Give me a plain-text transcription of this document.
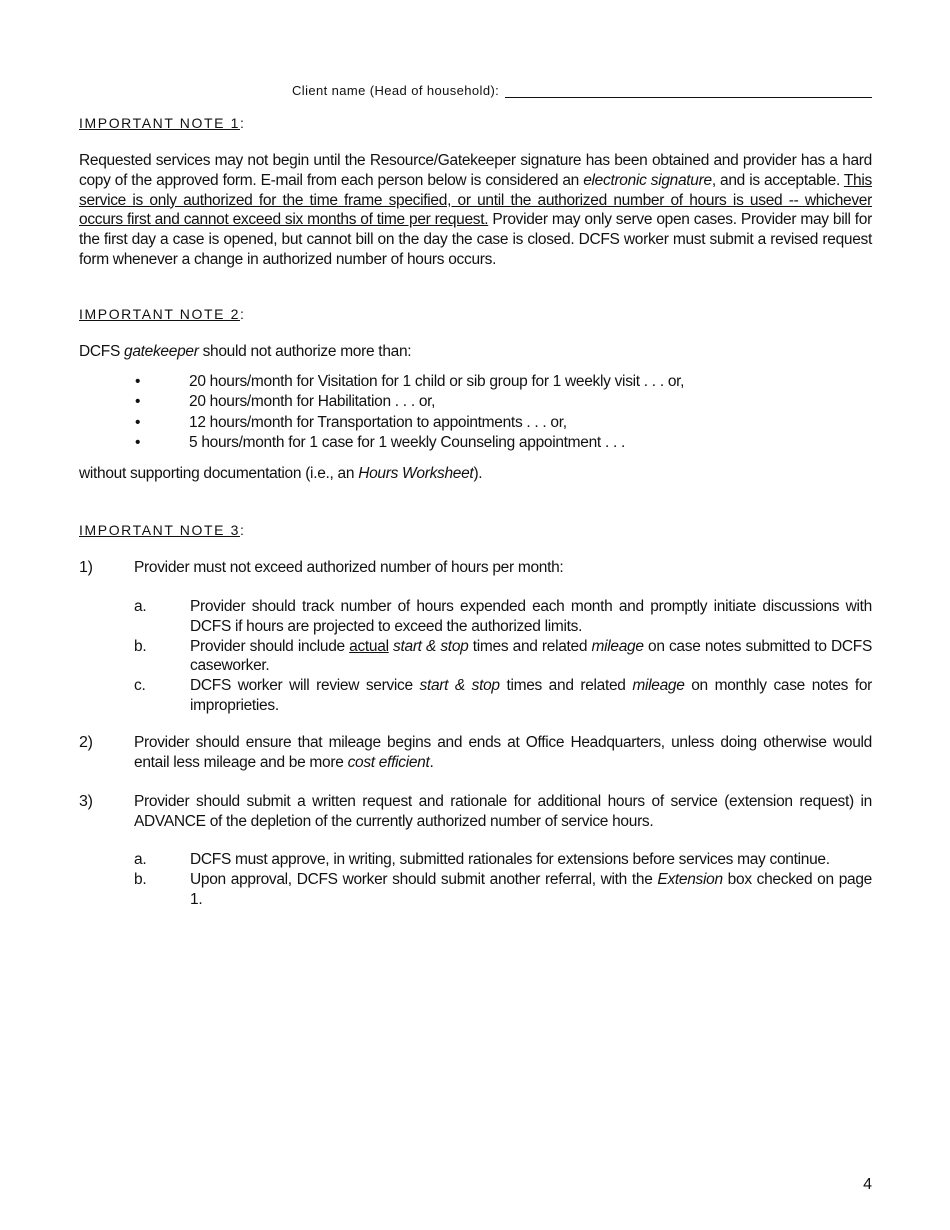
Client name (Head of household):
IMPORTANT NOTE 1:
Requested services may not begin until the Resource/Gatekeeper signature has been obtained and provider has a hard copy of the approved form. E-mail from each person below is considered an electronic signature, and is acceptable. This service is only authorized for the time frame specified, or until the authorized number of hours is used -- whichever occurs first and cannot exceed six months of time per request. Provider may only serve open cases. Provider may bill for the first day a case is opened, but cannot bill on the day the case is closed. DCFS worker must submit a revised request form whenever a change in authorized number of hours occurs.
IMPORTANT NOTE 2:
DCFS gatekeeper should not authorize more than:
•	20 hours/month for Visitation for 1 child or sib group for 1 weekly visit . . . or,
•	20 hours/month for Habilitation . . . or,
•	12 hours/month for Transportation to appointments . . . or,
•	5 hours/month for 1 case for 1 weekly Counseling appointment . . .
without supporting documentation (i.e., an Hours Worksheet).
IMPORTANT NOTE 3:
1)	Provider must not exceed authorized number of hours per month:
a.	Provider should track number of hours expended each month and promptly initiate discussions with DCFS if hours are projected to exceed the authorized limits.
b.	Provider should include actual start & stop times and related mileage on case notes submitted to DCFS caseworker.
c.	DCFS worker will review service start & stop times and related mileage on monthly case notes for improprieties.
2)	Provider should ensure that mileage begins and ends at Office Headquarters, unless doing otherwise would entail less mileage and be more cost efficient.
3)	Provider should submit a written request and rationale for additional hours of service (extension request) in ADVANCE of the depletion of the currently authorized number of service hours.
a.	DCFS must approve, in writing, submitted rationales for extensions before services may continue.
b.	Upon approval, DCFS worker should submit another referral, with the Extension box checked on page 1.
4
